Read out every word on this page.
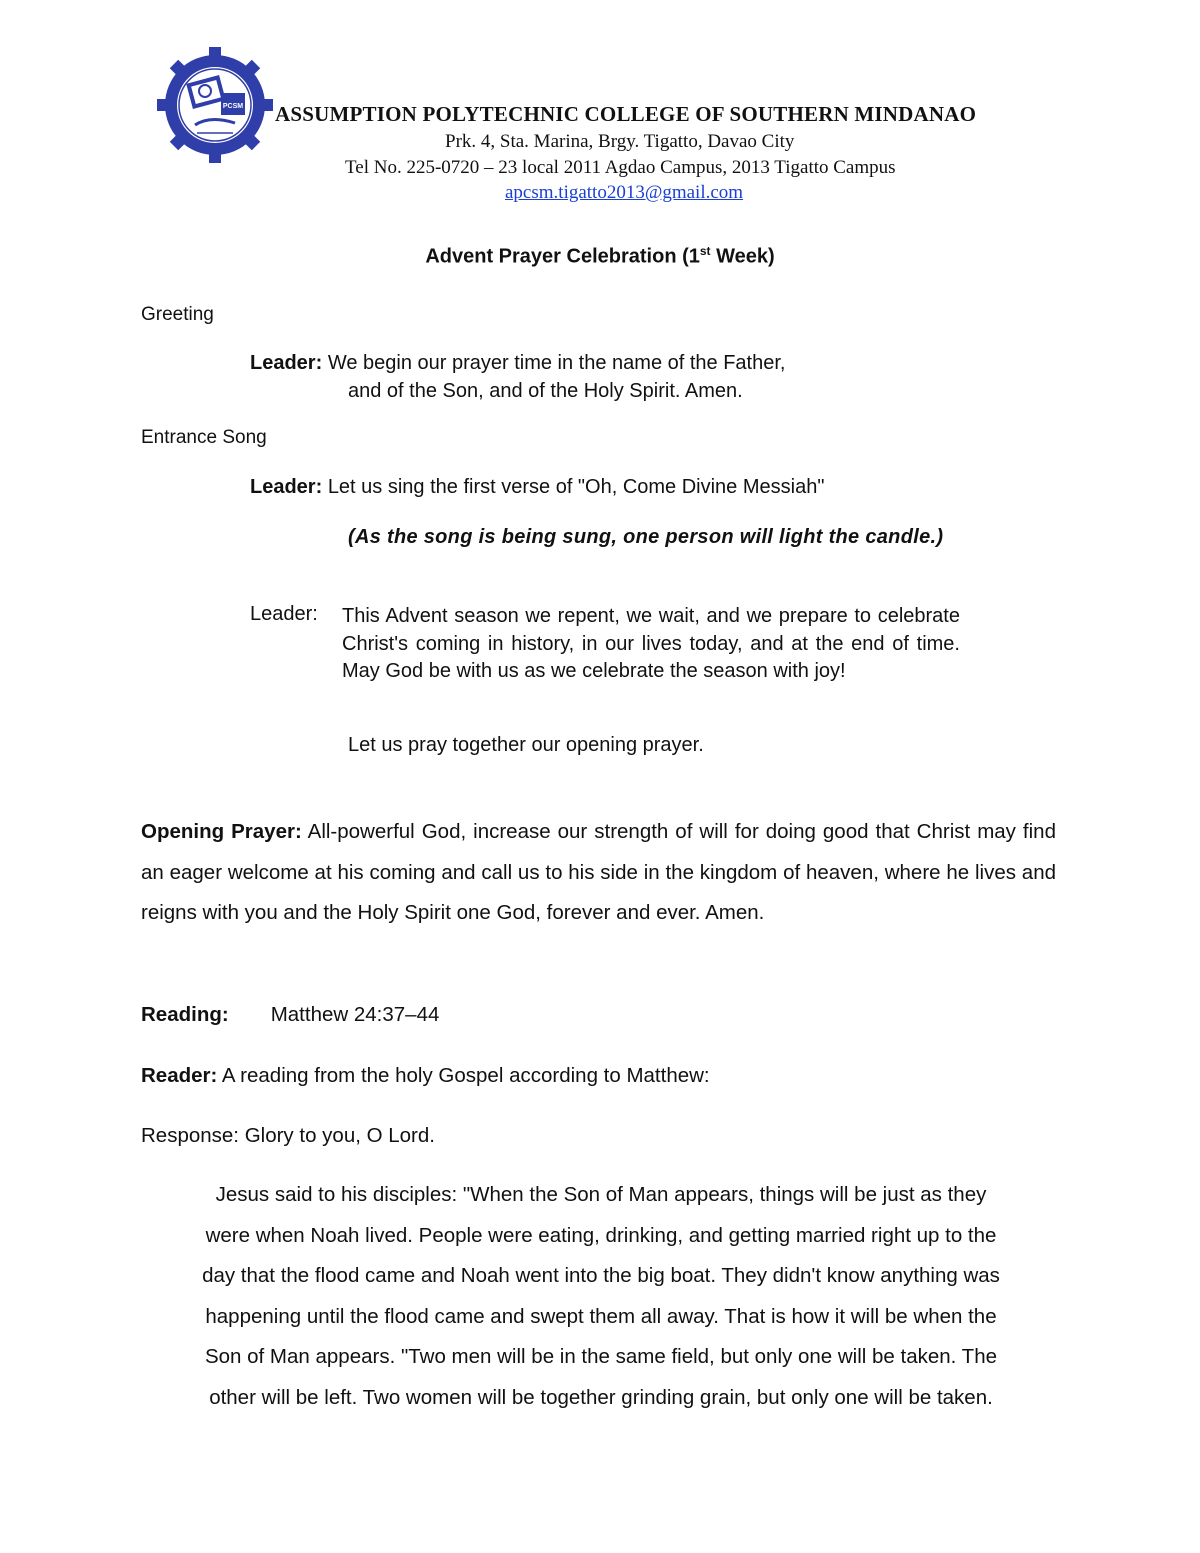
PCSM ASSUMPTION POLYTECHNIC COLLEGE OF SOUTHERN MINDANAO
Prk. 4, Sta. Marina, Brgy. Tigatto, Davao City
Tel No. 225-0720 – 23 local 2011 Agdao Campus, 2013 Tigatto Campus
apcsm.tigatto2013@gmail.com
Advent Prayer Celebration (1st Week)
Greeting
Leader: We begin our prayer time in the name of the Father,
and of the Son, and of the Holy Spirit. Amen.
Entrance Song
Leader: Let us sing the first verse of "Oh, Come Divine Messiah"
(As the song is being sung, one person will light the candle.)
Leader: This Advent season we repent, we wait, and we prepare to celebrate Christ's coming in history, in our lives today, and at the end of time. May God be with us as we celebrate the season with joy!
Let us pray together our opening prayer.
Opening Prayer: All-powerful God, increase our strength of will for doing good that Christ may find an eager welcome at his coming and call us to his side in the kingdom of heaven, where he lives and reigns with you and the Holy Spirit one God, forever and ever. Amen.
Reading: Matthew 24:37–44
Reader: A reading from the holy Gospel according to Matthew:
Response: Glory to you, O Lord.
Jesus said to his disciples: "When the Son of Man appears, things will be just as they
were when Noah lived. People were eating, drinking, and getting married right up to the
day that the flood came and Noah went into the big boat. They didn't know anything was
happening until the flood came and swept them all away. That is how it will be when the
Son of Man appears. "Two men will be in the same field, but only one will be taken. The
other will be left. Two women will be together grinding grain, but only one will be taken.
